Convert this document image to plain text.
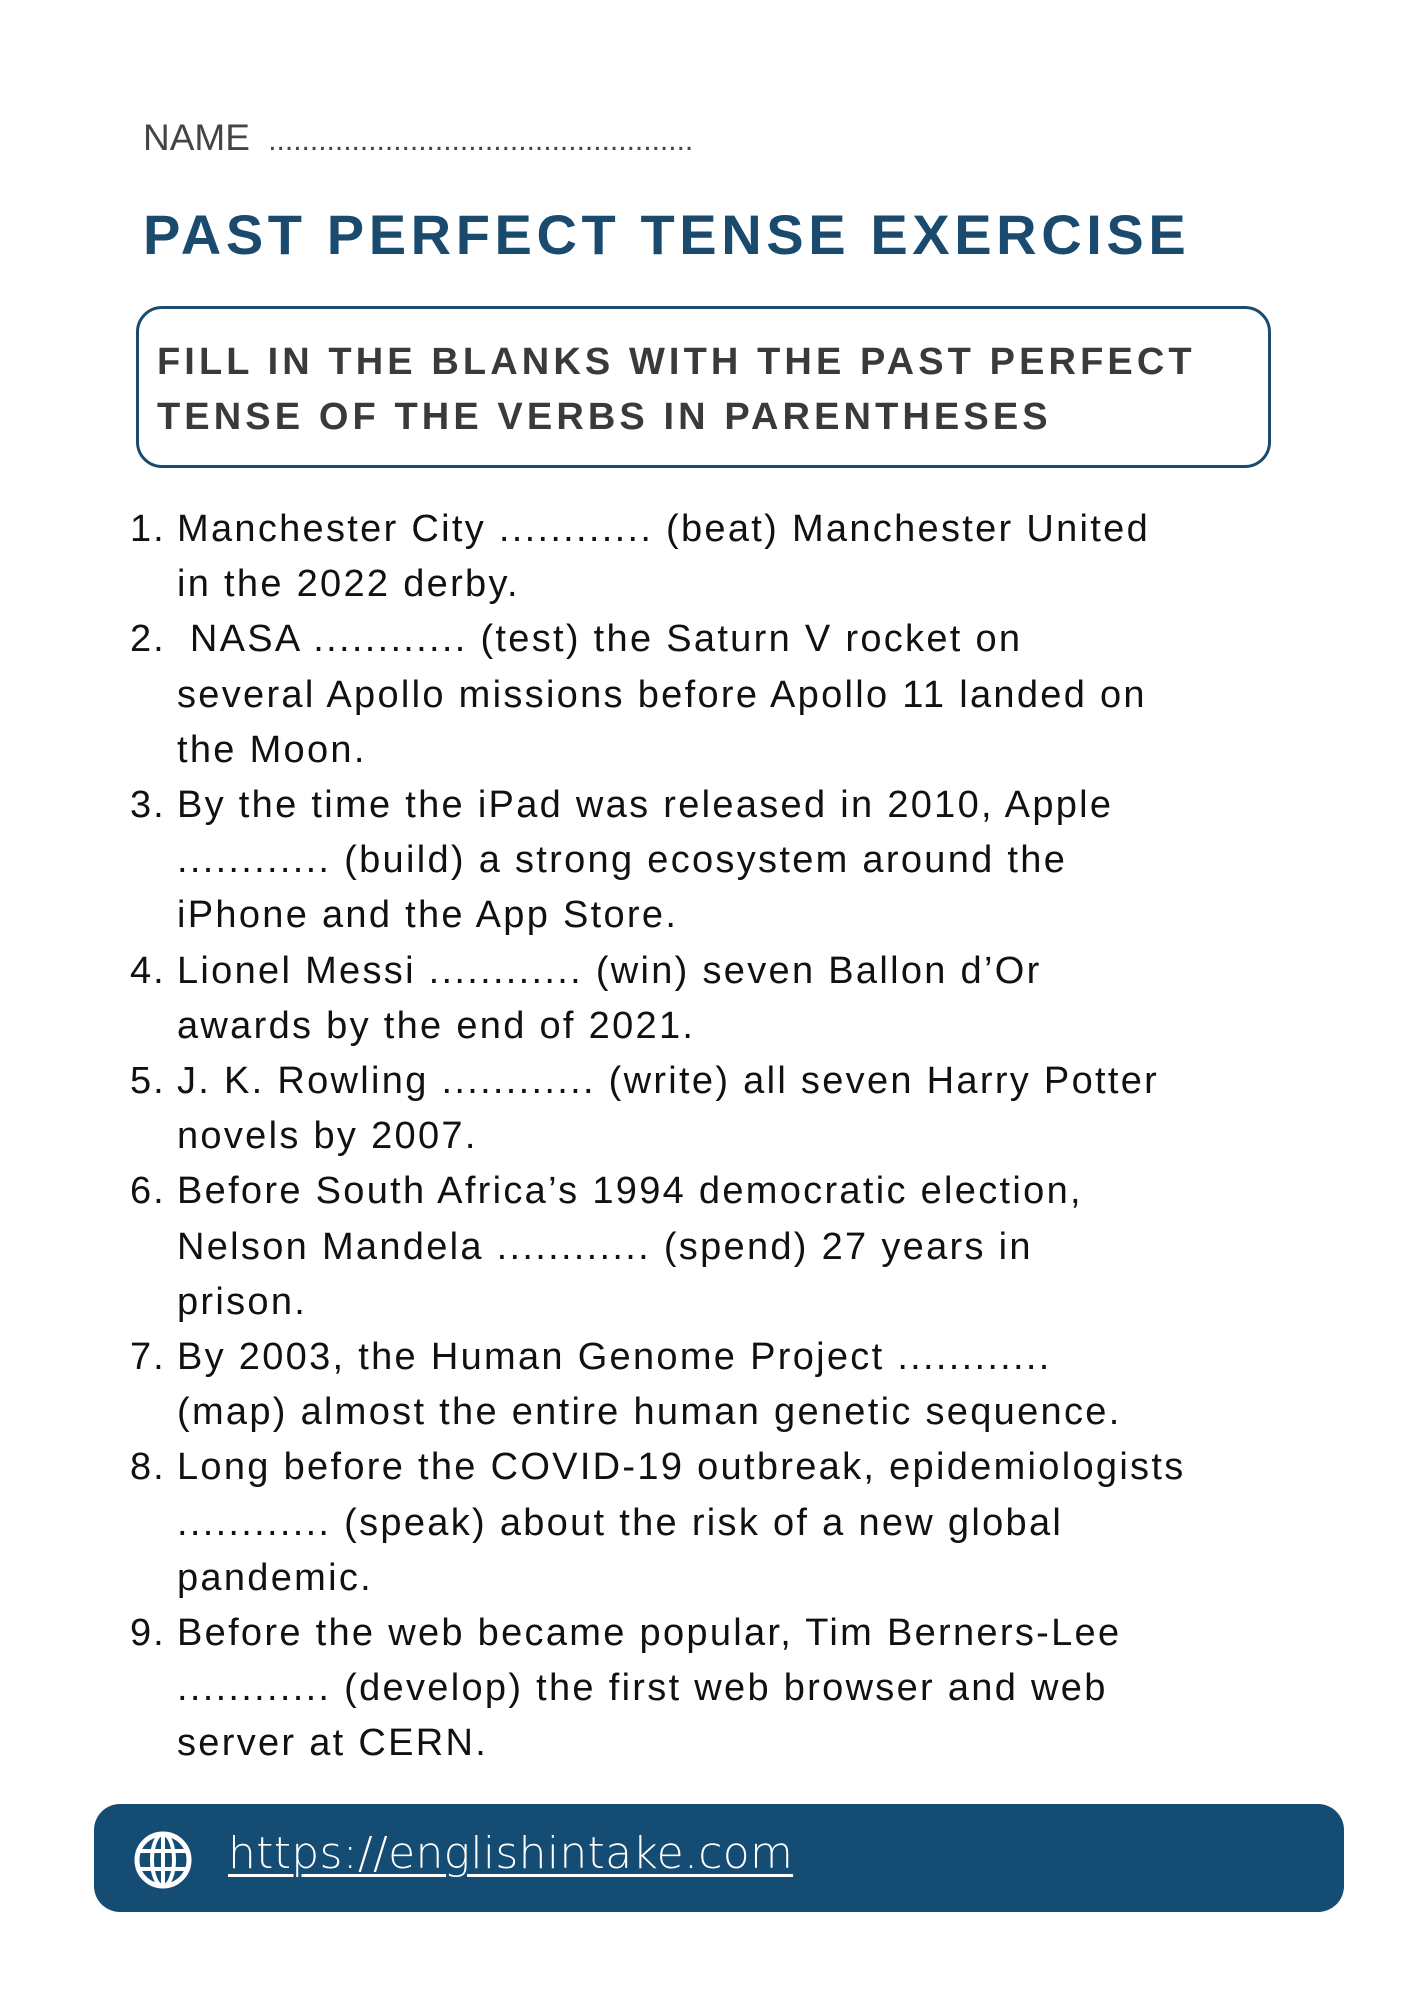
NAME ...................................................
PAST PERFECT TENSE EXERCISE
FILL IN THE BLANKS WITH THE PAST PERFECT
TENSE OF THE VERBS IN PARENTHESES
1. Manchester City ............ (beat) Manchester United
in the 2022 derby.
2. NASA ............ (test) the Saturn V rocket on
several Apollo missions before Apollo 11 landed on
the Moon.
3. By the time the iPad was released in 2010, Apple
............ (build) a strong ecosystem around the
iPhone and the App Store.
4. Lionel Messi ............ (win) seven Ballon d’Or
awards by the end of 2021.
5. J. K. Rowling ............ (write) all seven Harry Potter
novels by 2007.
6. Before South Africa’s 1994 democratic election,
Nelson Mandela ............ (spend) 27 years in
prison.
7. By 2003, the Human Genome Project ............
(map) almost the entire human genetic sequence.
8. Long before the COVID-19 outbreak, epidemiologists
............ (speak) about the risk of a new global
pandemic.
9. Before the web became popular, Tim Berners-Lee
............ (develop) the first web browser and web
server at CERN.
https://englishintake.com
